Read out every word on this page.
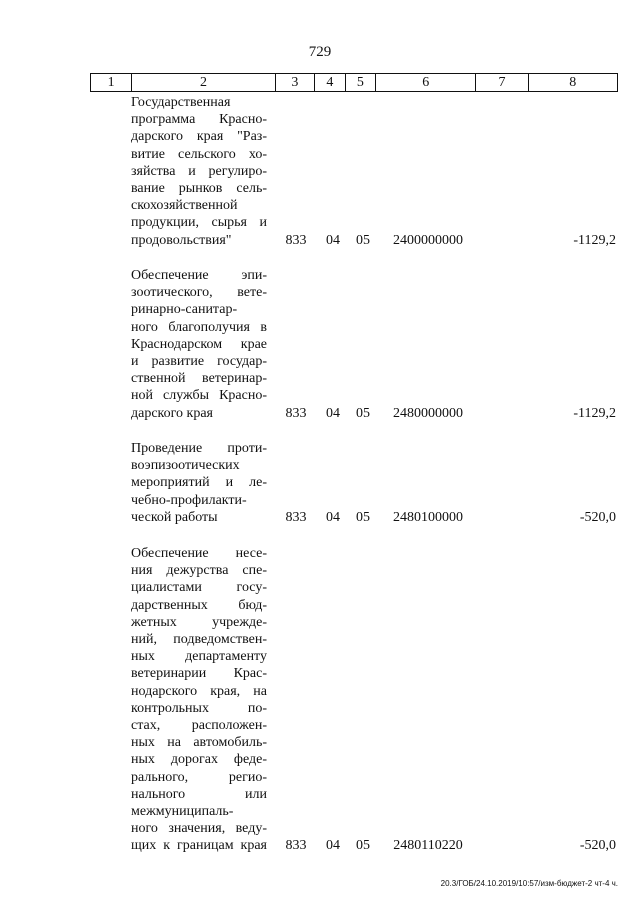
729
1	2	3	4	5	6	7	8
Государственная
программа Красно-
дарского края "Раз-
витие сельского хо-
зяйства и регулиро-
вание рынков сель-
скохозяйственной
продукции, сырья и
продовольствия"	833	04	05	2400000000	-1129,2
Обеспечение эпи-
зоотического, вете-
ринарно-санитар-
ного благополучия в
Краснодарском крае
и развитие государ-
ственной ветеринар-
ной службы Красно-
дарского края	833	04	05	2480000000	-1129,2
Проведение проти-
воэпизоотических
мероприятий и ле-
чебно-профилакти-
ческой работы	833	04	05	2480100000	-520,0
Обеспечение несе-
ния дежурства спе-
циалистами госу-
дарственных бюд-
жетных учрежде-
ний, подведомствен-
ных департаменту
ветеринарии Крас-
нодарского края, на
контрольных по-
стах, расположен-
ных на автомобиль-
ных дорогах феде-
рального, регио-
нального или
межмуниципаль-
ного значения, веду-
щих к границам края	833	04	05	2480110220	-520,0
20.3/ГОБ/24.10.2019/10:57/изм-бюджет-2 чт-4 ч.
